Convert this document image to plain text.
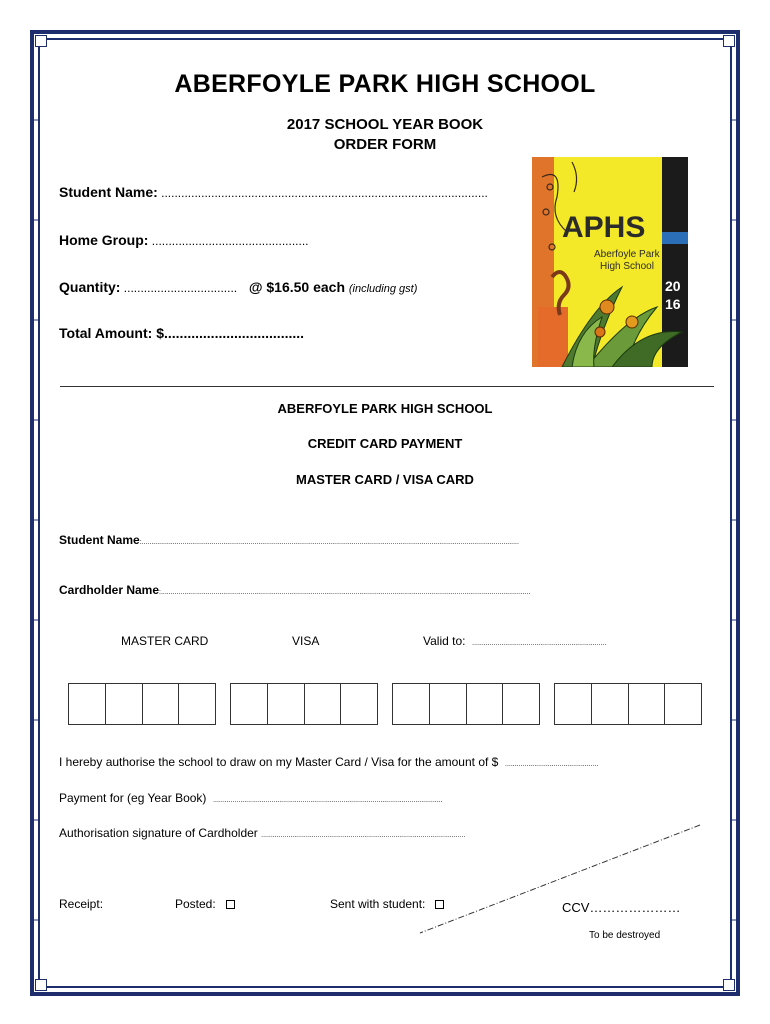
ABERFOYLE PARK HIGH SCHOOL
2017 SCHOOL YEAR BOOK
ORDER FORM
Student Name: ..................................................................................................
Home Group: ...............................................
Quantity: .................................. @ $16.50 each (including gst)
Total Amount: $....................................
APHS
Aberfoyle Park
High School
20
16
ABERFOYLE PARK HIGH SCHOOL
CREDIT CARD PAYMENT
MASTER CARD / VISA CARD
Student Name:..................................................................................................................................................................................................
Cardholder Name:..............................................................................................................................................................................................
MASTER CARD	VISA	Valid to: .....................................................................
I hereby authorise the school to draw on my Master Card / Visa for the amount of $ ................................................
Payment for (eg Year Book) ......................................................................................................................
Authorisation signature of Cardholder .........................................................................................................
Receipt:	Posted:	Sent with student:	CCV…………………
To be destroyed
